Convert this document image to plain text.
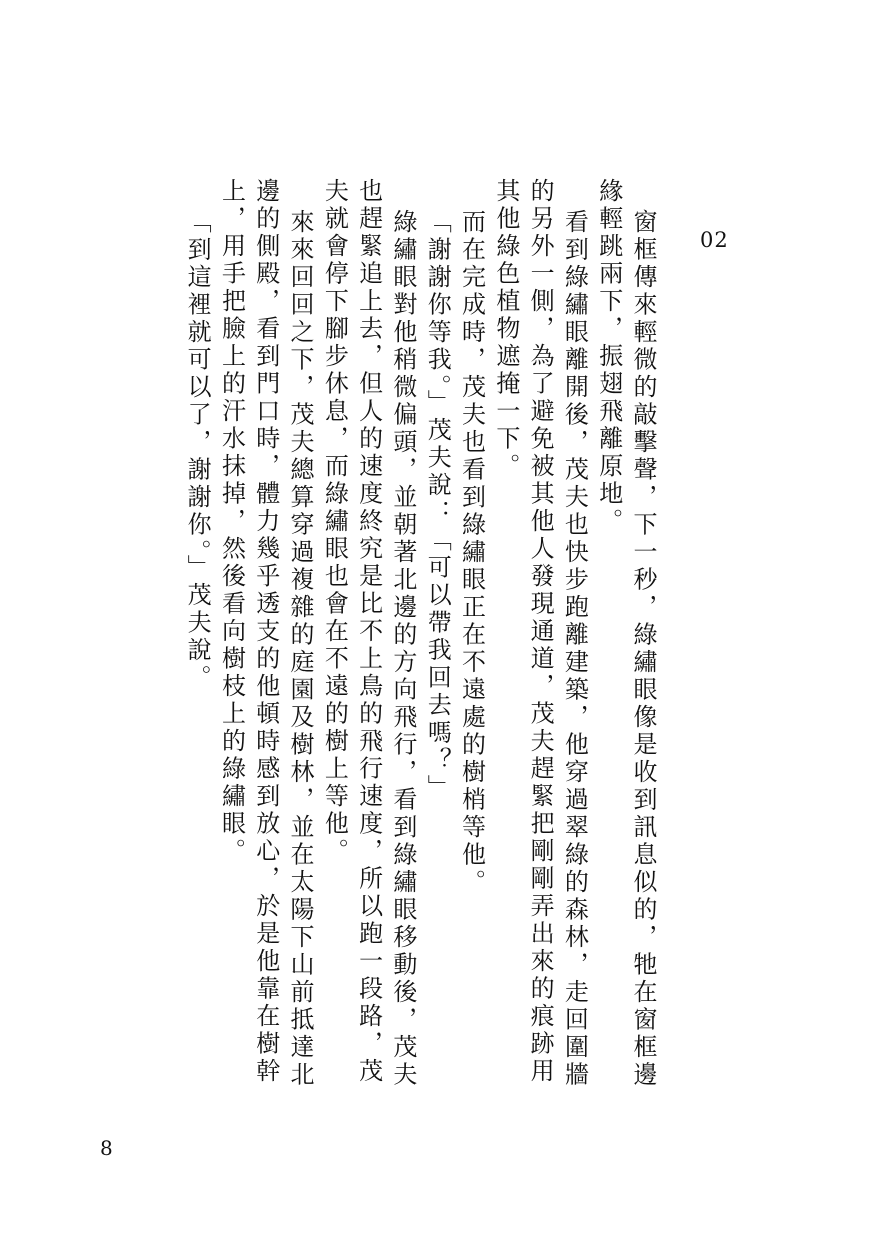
02

窗框傳來輕微的敲擊聲，下一秒，綠繡眼像是收到訊息似的，牠在窗框邊緣輕跳兩下，振翅飛離原地。

看到綠繡眼離開後，茂夫也快步跑離建築，他穿過翠綠的森林，走回圍牆的另外一側，為了避免被其他人發現通道，茂夫趕緊把剛剛弄出來的痕跡用其他綠色植物遮掩一下。

而在完成時，茂夫也看到綠繡眼正在不遠處的樹梢等他。

「謝謝你等我。」茂夫說：「可以帶我回去嗎？」

綠繡眼對他稍微偏頭，並朝著北邊的方向飛行，看到綠繡眼移動後，茂夫也趕緊追上去，但人的速度終究是比不上鳥的飛行速度，所以跑一段路，茂夫就會停下腳步休息，而綠繡眼也會在不遠的樹上等他。

來來回回之下，茂夫總算穿過複雜的庭園及樹林，並在太陽下山前抵達北邊的側殿，看到門口時，體力幾乎透支的他頓時感到放心，於是他靠在樹幹上，用手把臉上的汗水抹掉，然後看向樹枝上的綠繡眼。

「到這裡就可以了，謝謝你。」茂夫說。

8
